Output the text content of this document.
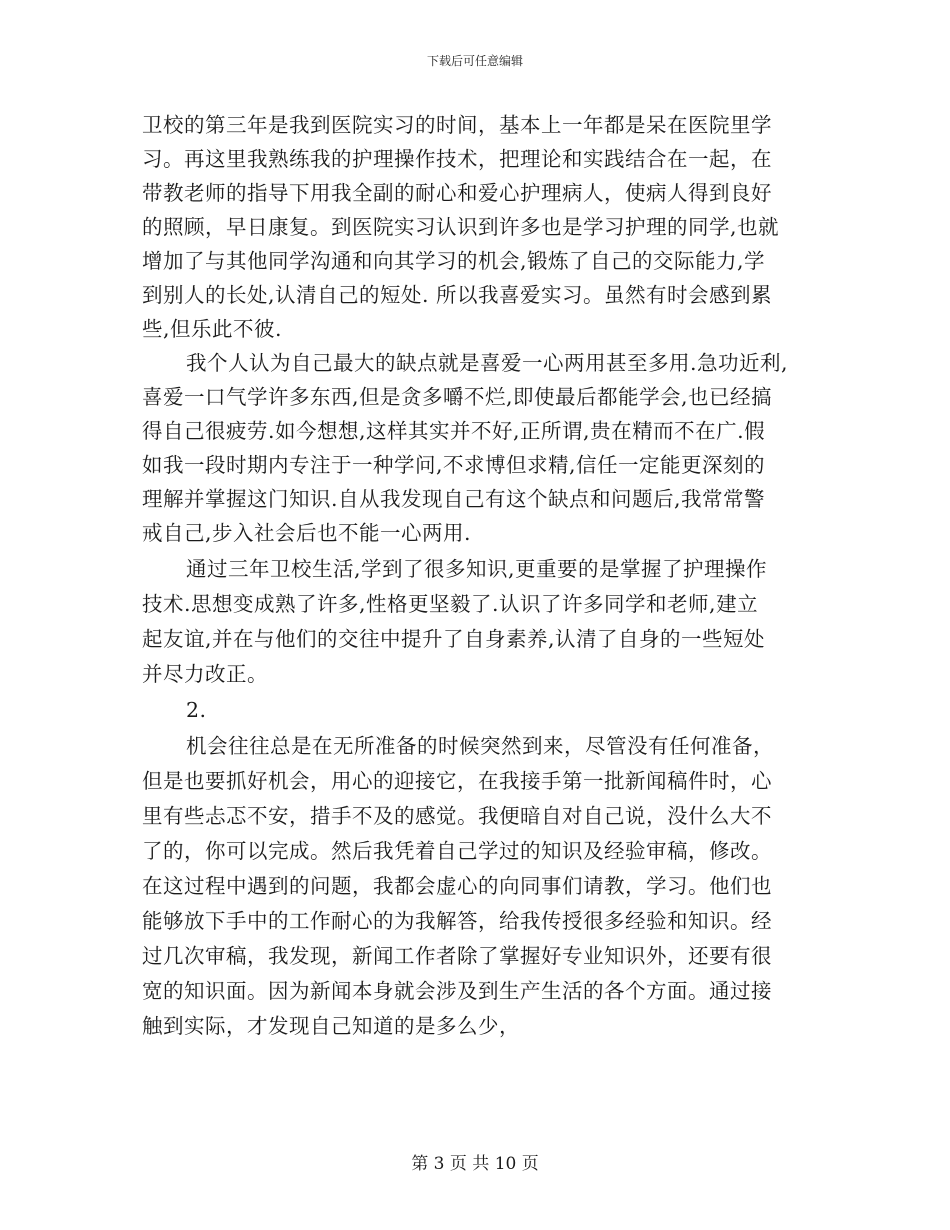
下载后可任意编辑
卫校的第三年是我到医院实习的时间，基本上一年都是呆在医院里学
习。再这里我熟练我的护理操作技术，把理论和实践结合在一起，在
带教老师的指导下用我全副的耐心和爱心护理病人，使病人得到良好
的照顾，早日康复。到医院实习认识到许多也是学习护理的同学,也就
增加了与其他同学沟通和向其学习的机会,锻炼了自己的交际能力,学
到别人的长处,认清自己的短处. 所以我喜爱实习。虽然有时会感到累
些,但乐此不彼.
我个人认为自己最大的缺点就是喜爱一心两用甚至多用.急功近利,
喜爱一口气学许多东西,但是贪多嚼不烂,即使最后都能学会,也已经搞
得自己很疲劳.如今想想,这样其实并不好,正所谓,贵在精而不在广.假
如我一段时期内专注于一种学问,不求博但求精,信任一定能更深刻的
理解并掌握这门知识.自从我发现自己有这个缺点和问题后,我常常警
戒自己,步入社会后也不能一心两用.
通过三年卫校生活,学到了很多知识,更重要的是掌握了护理操作
技术.思想变成熟了许多,性格更坚毅了.认识了许多同学和老师,建立
起友谊,并在与他们的交往中提升了自身素养,认清了自身的一些短处
并尽力改正。
2.
机会往往总是在无所准备的时候突然到来，尽管没有任何准备，
但是也要抓好机会，用心的迎接它，在我接手第一批新闻稿件时，心
里有些忐忑不安，措手不及的感觉。我便暗自对自己说，没什么大不
了的，你可以完成。然后我凭着自己学过的知识及经验审稿，修改。
在这过程中遇到的问题，我都会虚心的向同事们请教，学习。他们也
能够放下手中的工作耐心的为我解答，给我传授很多经验和知识。经
过几次审稿，我发现，新闻工作者除了掌握好专业知识外，还要有很
宽的知识面。因为新闻本身就会涉及到生产生活的各个方面。通过接
触到实际，才发现自己知道的是多么少，
第 3 页 共 10 页
